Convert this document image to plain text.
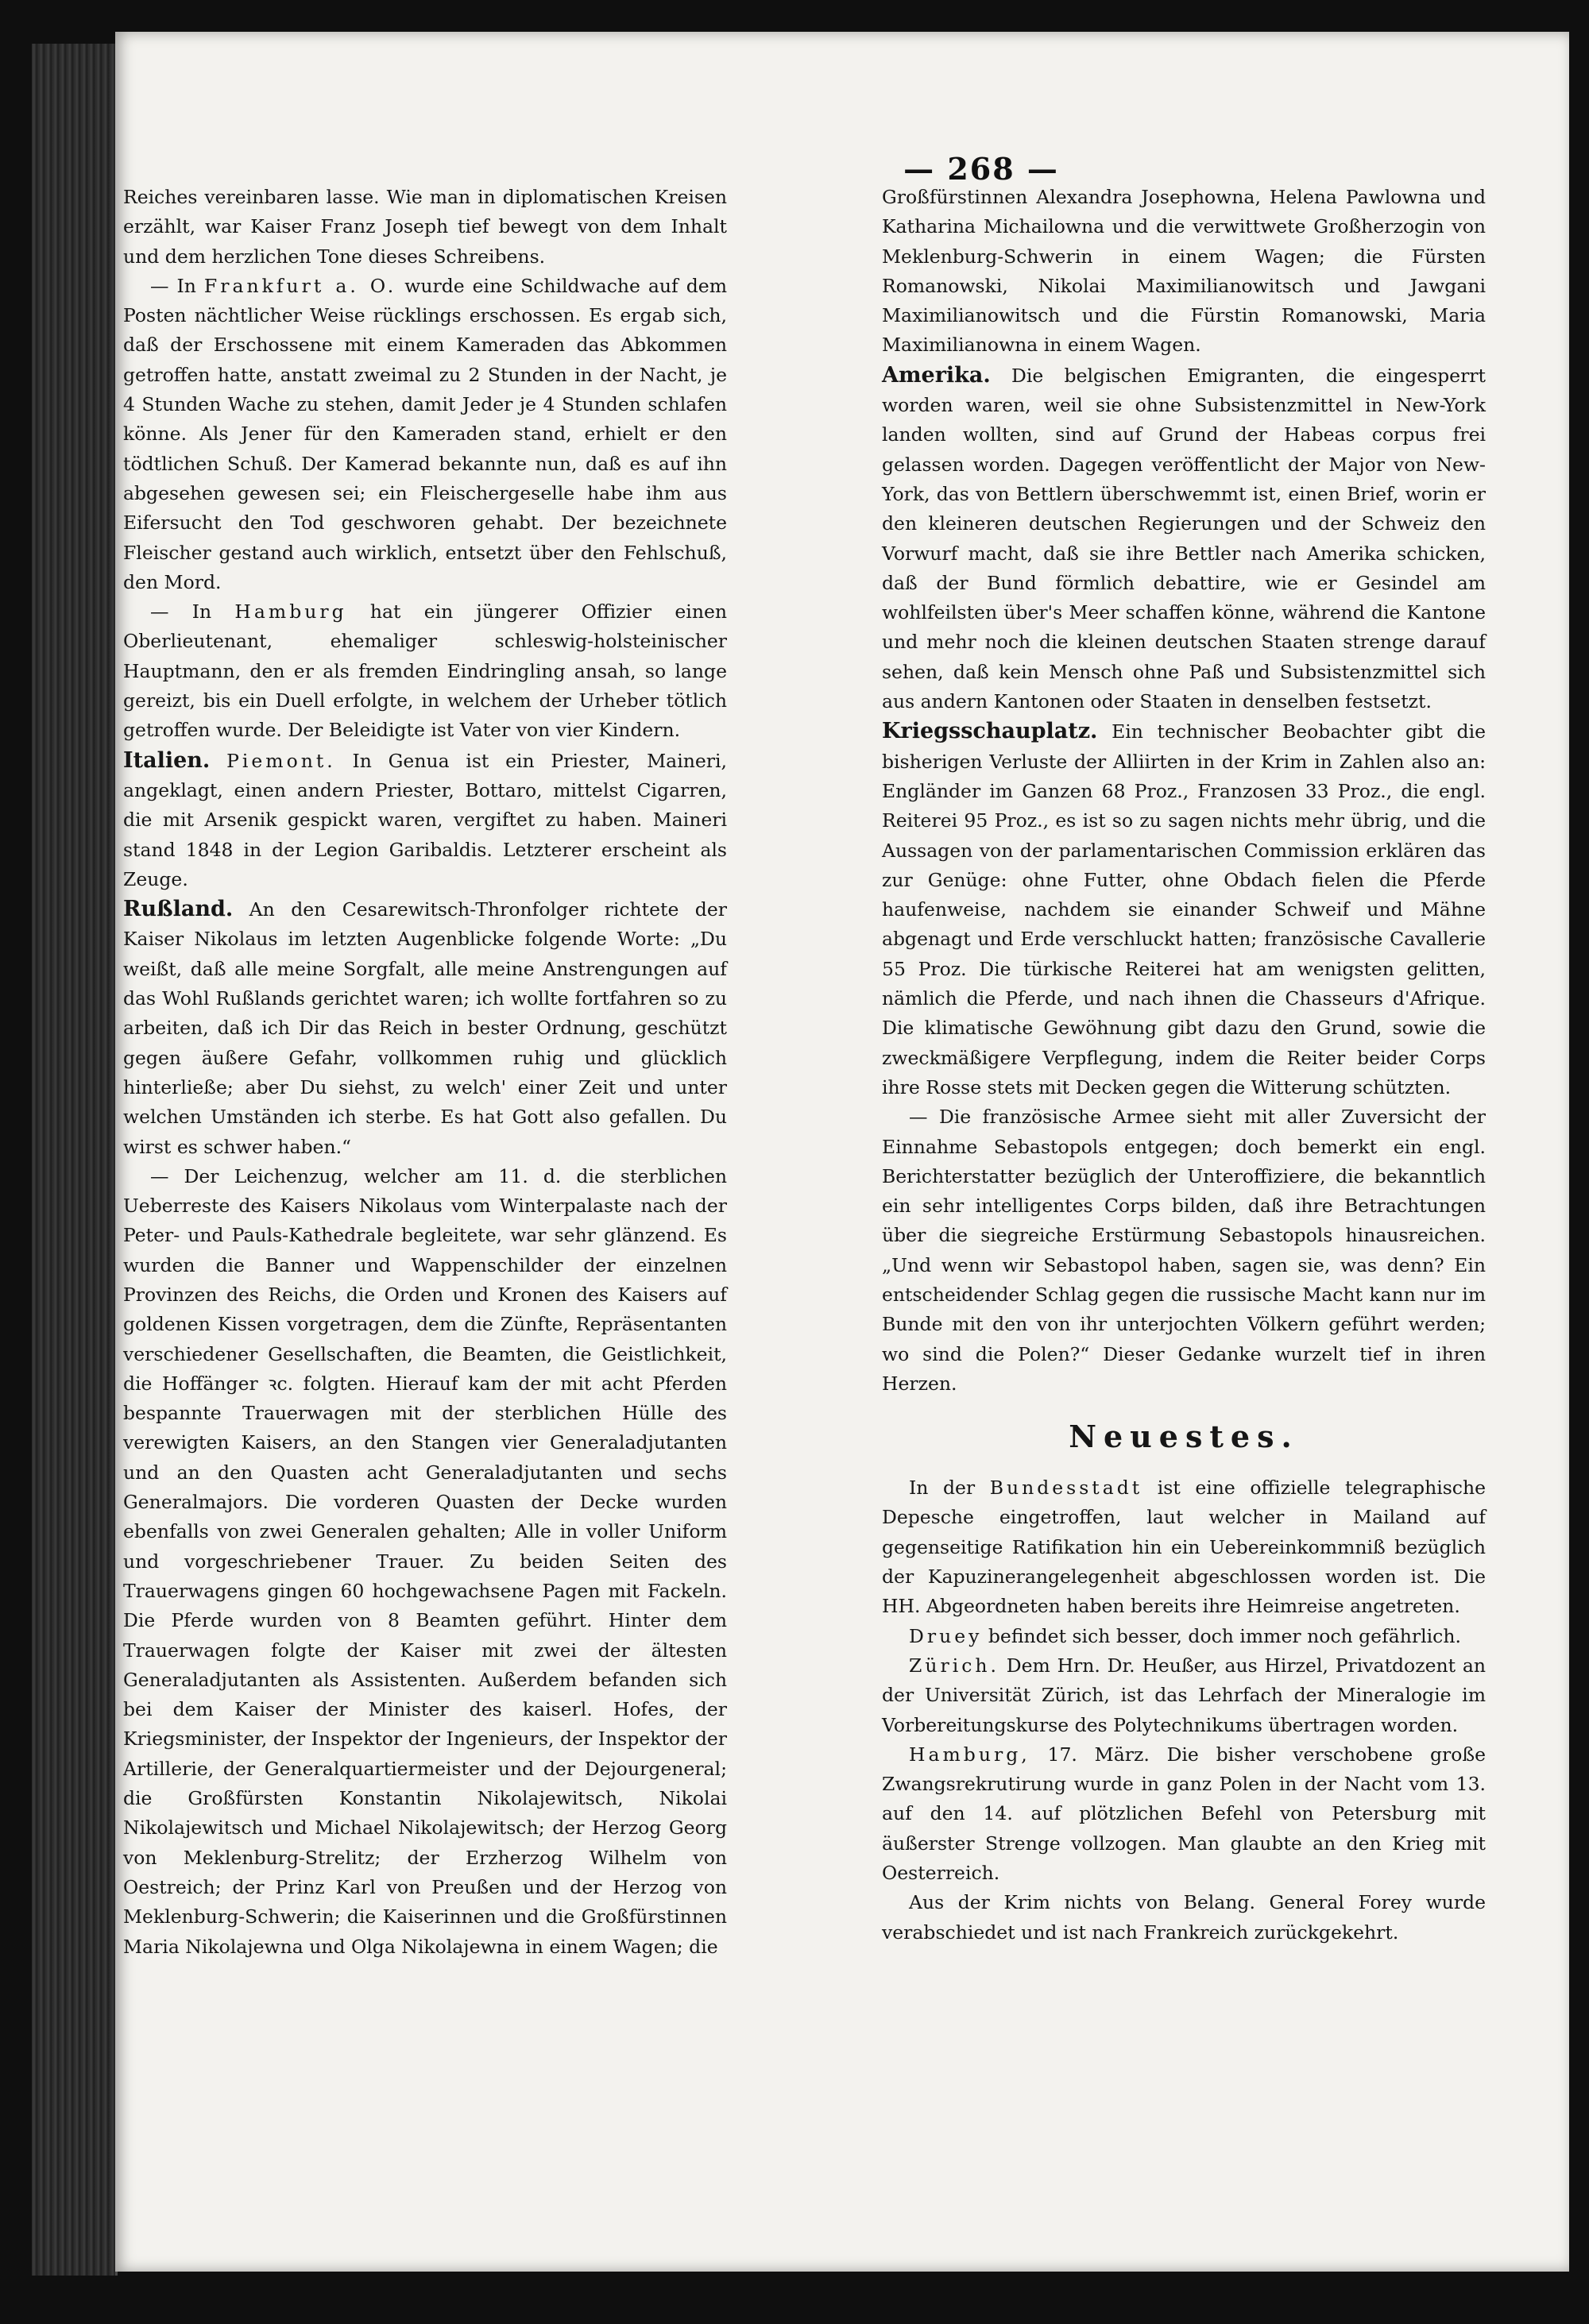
— 268 —

Reiches vereinbaren lasse. Wie man in diplomatischen Kreisen erzählt, war Kaiser Franz Joseph tief bewegt von dem Inhalt und dem herzlichen Tone dieses Schreibens.

— In Frankfurt a. O. wurde eine Schildwache auf dem Posten nächtlicher Weise rücklings erschossen. Es ergab sich, daß der Erschossene mit einem Kameraden das Abkommen getroffen hatte, anstatt zweimal zu 2 Stunden in der Nacht, je 4 Stunden Wache zu stehen, damit Jeder je 4 Stunden schlafen könne. Als Jener für den Kameraden stand, erhielt er den tödtlichen Schuß. Der Kamerad bekannte nun, daß es auf ihn abgesehen gewesen sei; ein Fleischergeselle habe ihm aus Eifersucht den Tod geschworen gehabt. Der bezeichnete Fleischer gestand auch wirklich, entsetzt über den Fehlschuß, den Mord.

— In Hamburg hat ein jüngerer Offizier einen Oberlieutenant, ehemaliger schleswig-holsteinischer Hauptmann, den er als fremden Eindringling ansah, so lange gereizt, bis ein Duell erfolgte, in welchem der Urheber tötlich getroffen wurde. Der Beleidigte ist Vater von vier Kindern.

Italien. Piemont. In Genua ist ein Priester, Maineri, angeklagt, einen andern Priester, Bottaro, mittelst Cigarren, die mit Arsenik gespickt waren, vergiftet zu haben. Maineri stand 1848 in der Legion Garibaldis. Letzterer erscheint als Zeuge.

Rußland. An den Cesarewitsch-Thronfolger richtete der Kaiser Nikolaus im letzten Augenblicke folgende Worte: „Du weißt, daß alle meine Sorgfalt, alle meine Anstrengungen auf das Wohl Rußlands gerichtet waren; ich wollte fortfahren so zu arbeiten, daß ich Dir das Reich in bester Ordnung, geschützt gegen äußere Gefahr, vollkommen ruhig und glücklich hinterließe; aber Du siehst, zu welch' einer Zeit und unter welchen Umständen ich sterbe. Es hat Gott also gefallen. Du wirst es schwer haben.“

— Der Leichenzug, welcher am 11. d. die sterblichen Ueberreste des Kaisers Nikolaus vom Winterpalaste nach der Peter- und Pauls-Kathedrale begleitete, war sehr glänzend. Es wurden die Banner und Wappenschilder der einzelnen Provinzen des Reichs, die Orden und Kronen des Kaisers auf goldenen Kissen vorgetragen, dem die Zünfte, Repräsentanten verschiedener Gesellschaften, die Beamten, die Geistlichkeit, die Hoffänger ꝛc. folgten. Hierauf kam der mit acht Pferden bespannte Trauerwagen mit der sterblichen Hülle des verewigten Kaisers, an den Stangen vier Generaladjutanten und an den Quasten acht Generaladjutanten und sechs Generalmajors. Die vorderen Quasten der Decke wurden ebenfalls von zwei Generalen gehalten; Alle in voller Uniform und vorgeschriebener Trauer. Zu beiden Seiten des Trauerwagens gingen 60 hochgewachsene Pagen mit Fackeln. Die Pferde wurden von 8 Beamten geführt. Hinter dem Trauerwagen folgte der Kaiser mit zwei der ältesten Generaladjutanten als Assistenten. Außerdem befanden sich bei dem Kaiser der Minister des kaiserl. Hofes, der Kriegsminister, der Inspektor der Ingenieurs, der Inspektor der Artillerie, der Generalquartiermeister und der Dejourgeneral; die Großfürsten Konstantin Nikolajewitsch, Nikolai Nikolajewitsch und Michael Nikolajewitsch; der Herzog Georg von Meklenburg-Strelitz; der Erzherzog Wilhelm von Oestreich; der Prinz Karl von Preußen und der Herzog von Meklenburg-Schwerin; die Kaiserinnen und die Großfürstinnen Maria Nikolajewna und Olga Nikolajewna in einem Wagen; die

Großfürstinnen Alexandra Josephowna, Helena Pawlowna und Katharina Michailowna und die verwittwete Großherzogin von Meklenburg-Schwerin in einem Wagen; die Fürsten Romanowski, Nikolai Maximilianowitsch und Jawgani Maximilianowitsch und die Fürstin Romanowski, Maria Maximilianowna in einem Wagen.

Amerika. Die belgischen Emigranten, die eingesperrt worden waren, weil sie ohne Subsistenzmittel in New-York landen wollten, sind auf Grund der Habeas corpus frei gelassen worden. Dagegen veröffentlicht der Major von New-York, das von Bettlern überschwemmt ist, einen Brief, worin er den kleineren deutschen Regierungen und der Schweiz den Vorwurf macht, daß sie ihre Bettler nach Amerika schicken, daß der Bund förmlich debattire, wie er Gesindel am wohlfeilsten über's Meer schaffen könne, während die Kantone und mehr noch die kleinen deutschen Staaten strenge darauf sehen, daß kein Mensch ohne Paß und Subsistenzmittel sich aus andern Kantonen oder Staaten in denselben festsetzt.

Kriegsschauplatz. Ein technischer Beobachter gibt die bisherigen Verluste der Alliirten in der Krim in Zahlen also an: Engländer im Ganzen 68 Proz., Franzosen 33 Proz., die engl. Reiterei 95 Proz., es ist so zu sagen nichts mehr übrig, und die Aussagen von der parlamentarischen Commission erklären das zur Genüge: ohne Futter, ohne Obdach fielen die Pferde haufenweise, nachdem sie einander Schweif und Mähne abgenagt und Erde verschluckt hatten; französische Cavallerie 55 Proz. Die türkische Reiterei hat am wenigsten gelitten, nämlich die Pferde, und nach ihnen die Chasseurs d'Afrique. Die klimatische Gewöhnung gibt dazu den Grund, sowie die zweckmäßigere Verpflegung, indem die Reiter beider Corps ihre Rosse stets mit Decken gegen die Witterung schützten.

— Die französische Armee sieht mit aller Zuversicht der Einnahme Sebastopols entgegen; doch bemerkt ein engl. Berichterstatter bezüglich der Unteroffiziere, die bekanntlich ein sehr intelligentes Corps bilden, daß ihre Betrachtungen über die siegreiche Erstürmung Sebastopols hinausreichen. „Und wenn wir Sebastopol haben, sagen sie, was denn? Ein entscheidender Schlag gegen die russische Macht kann nur im Bunde mit den von ihr unterjochten Völkern geführt werden; wo sind die Polen?“ Dieser Gedanke wurzelt tief in ihren Herzen.

Neuestes.

In der Bundesstadt ist eine offizielle telegraphische Depesche eingetroffen, laut welcher in Mailand auf gegenseitige Ratifikation hin ein Uebereinkommniß bezüglich der Kapuzinerangelegenheit abgeschlossen worden ist. Die HH. Abgeordneten haben bereits ihre Heimreise angetreten.

Druey befindet sich besser, doch immer noch gefährlich.

Zürich. Dem Hrn. Dr. Heußer, aus Hirzel, Privatdozent an der Universität Zürich, ist das Lehrfach der Mineralogie im Vorbereitungskurse des Polytechnikums übertragen worden.

Hamburg, 17. März. Die bisher verschobene große Zwangsrekrutirung wurde in ganz Polen in der Nacht vom 13. auf den 14. auf plötzlichen Befehl von Petersburg mit äußerster Strenge vollzogen. Man glaubte an den Krieg mit Oesterreich.

Aus der Krim nichts von Belang. General Forey wurde verabschiedet und ist nach Frankreich zurückgekehrt.
